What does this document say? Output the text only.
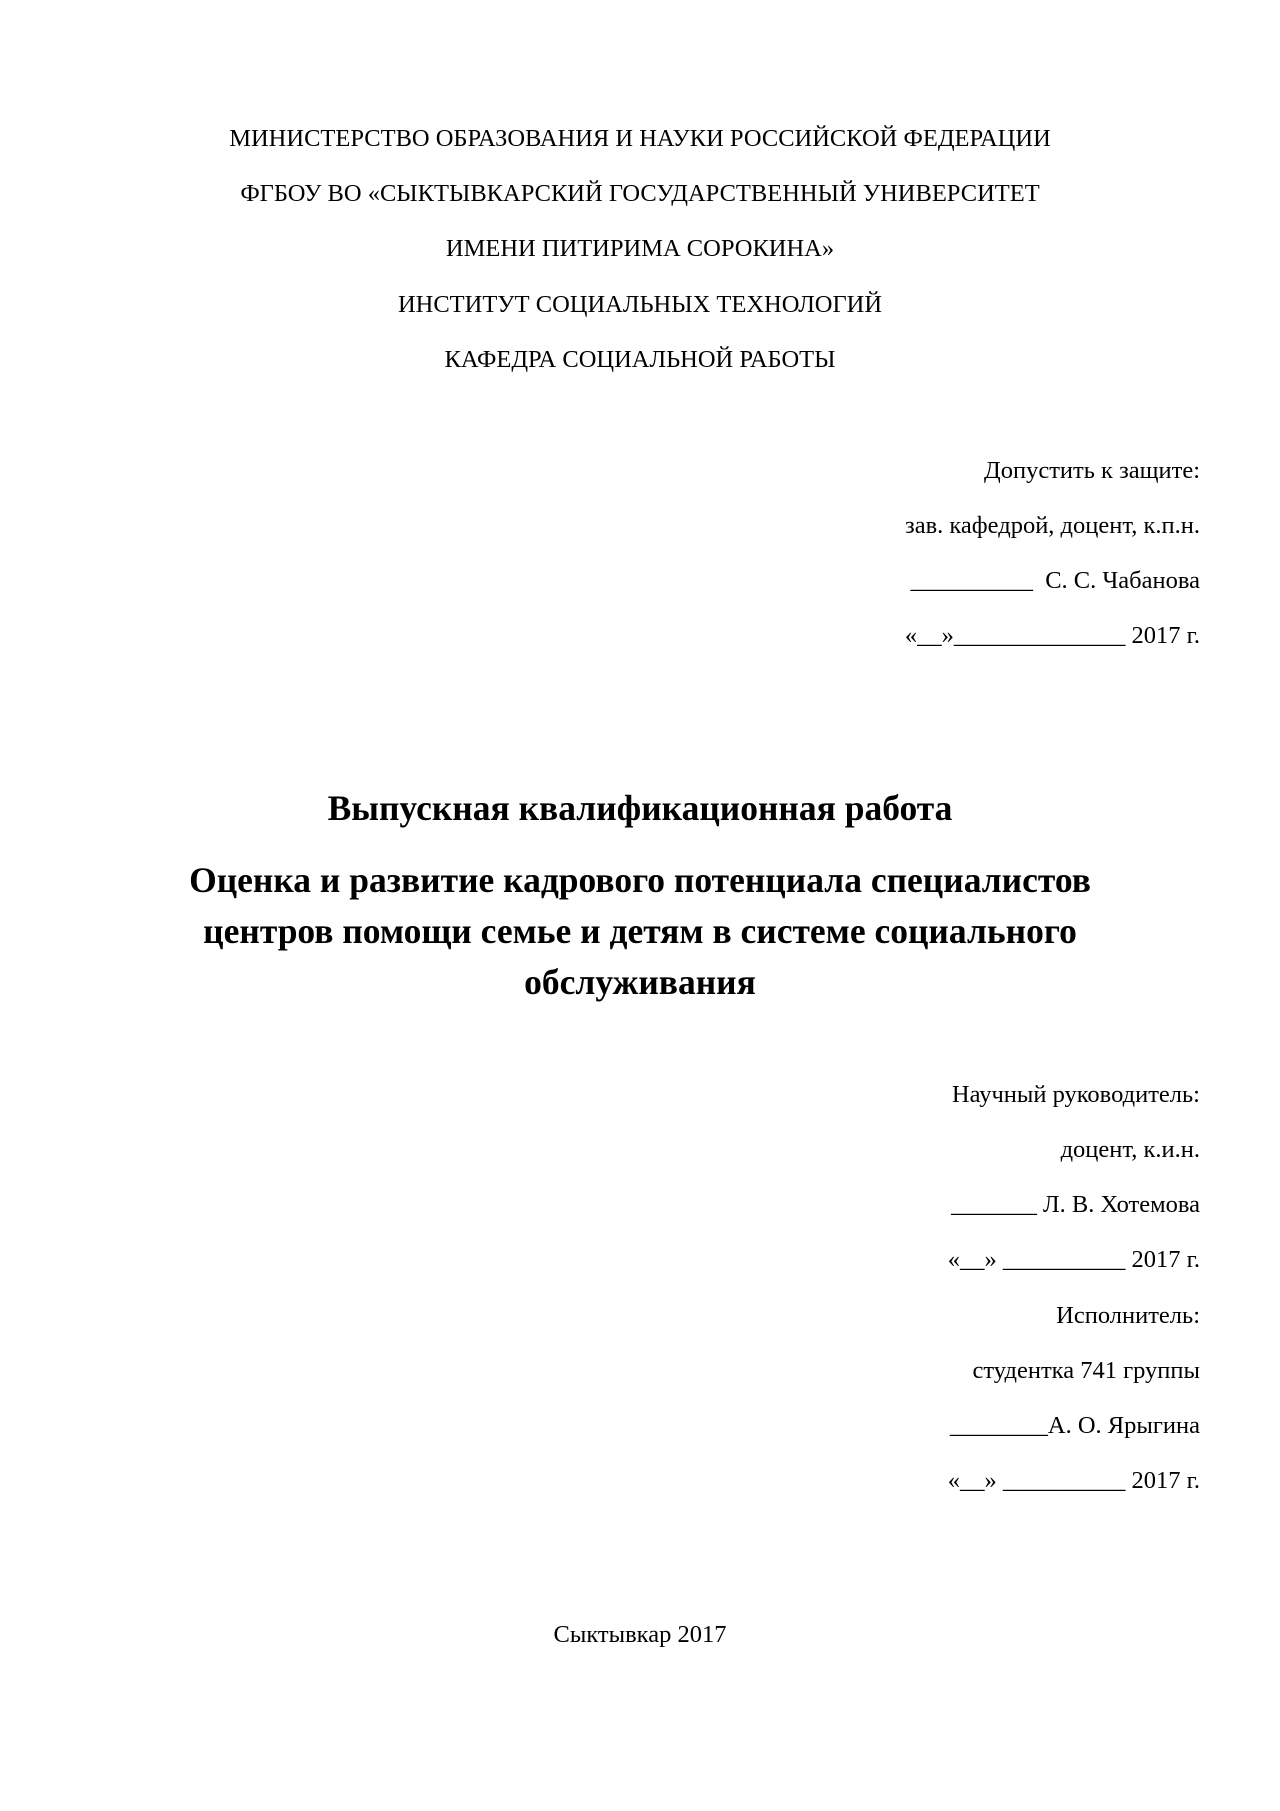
МИНИСТЕРСТВО ОБРАЗОВАНИЯ И НАУКИ РОССИЙСКОЙ ФЕДЕРАЦИИ
ФГБОУ ВО «СЫКТЫВКАРСКИЙ ГОСУДАРСТВЕННЫЙ УНИВЕРСИТЕТ
ИМЕНИ ПИТИРИМА СОРОКИНА»
ИНСТИТУТ СОЦИАЛЬНЫХ ТЕХНОЛОГИЙ
КАФЕДРА СОЦИАЛЬНОЙ РАБОТЫ
Допустить к защите:
зав. кафедрой, доцент, к.п.н.
__________  С. С. Чабанова
«__»______________ 2017 г.
Выпускная квалификационная работа
Оценка и развитие кадрового потенциала специалистов
центров помощи семье и детям в системе социального
обслуживания
Научный руководитель:
доцент, к.и.н.
_______ Л. В. Хотемова
«__» __________ 2017 г.
Исполнитель:
студентка 741 группы
________А. О. Ярыгина
«__» __________ 2017 г.
Сыктывкар 2017
